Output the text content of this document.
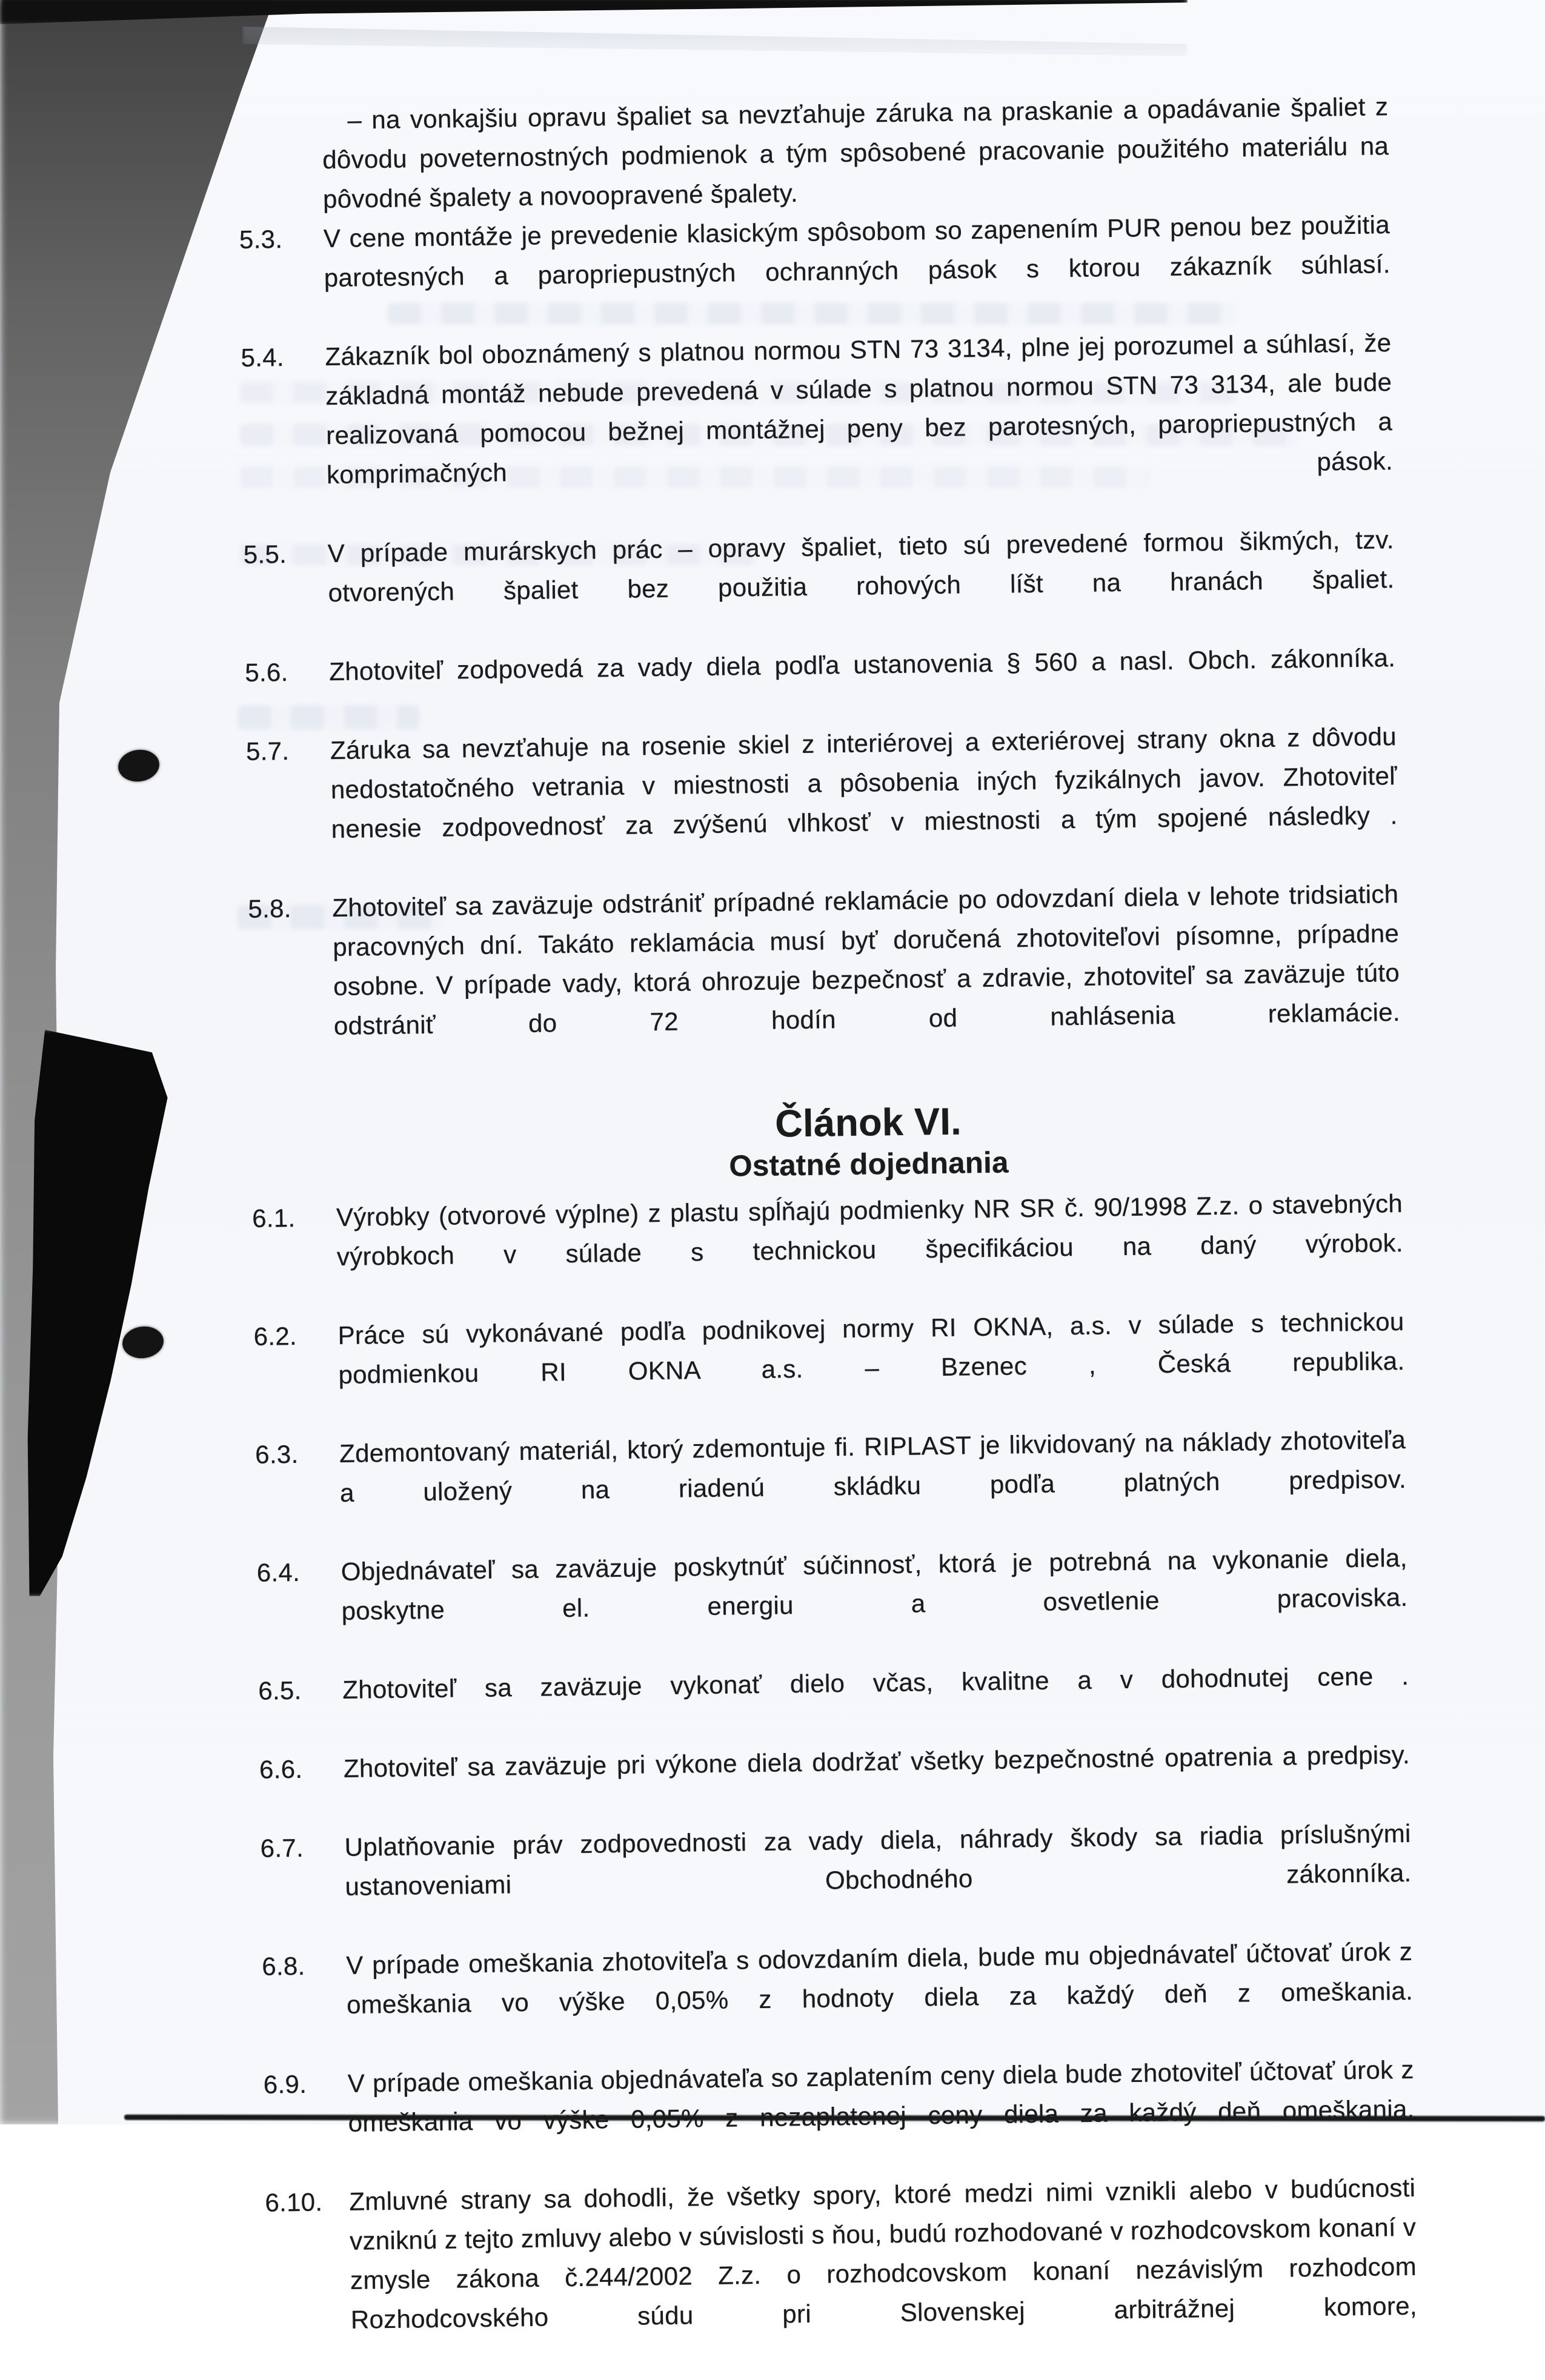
– na vonkajšiu opravu špaliet sa nevzťahuje záruka na praskanie a opadávanie špaliet z dôvodu poveternostných podmienok a tým spôsobené pracovanie použitého materiálu na pôvodné špalety a novoopravené špalety.

5.3. V cene montáže je prevedenie klasickým spôsobom so zapenením PUR penou bez použitia parotesných a paropriepustných ochranných pások s ktorou zákazník súhlasí.
5.4. Zákazník bol oboznámený s platnou normou STN 73 3134, plne jej porozumel a súhlasí, že základná montáž nebude prevedená v súlade s platnou normou STN 73 3134, ale bude realizovaná pomocou bežnej montážnej peny bez parotesných, paropriepustných a komprimačných pások.
5.5. V prípade murárskych prác – opravy špaliet, tieto sú prevedené formou šikmých, tzv. otvorených špaliet bez použitia rohových líšt na hranách špaliet.
5.6. Zhotoviteľ zodpovedá za vady diela podľa ustanovenia § 560 a nasl. Obch. zákonníka.
5.7. Záruka sa nevzťahuje na rosenie skiel z interiérovej a exteriérovej strany okna z dôvodu nedostatočného vetrania v miestnosti a pôsobenia iných fyzikálnych javov. Zhotoviteľ nenesie zodpovednosť za zvýšenú vlhkosť v miestnosti a tým spojené následky .
5.8. Zhotoviteľ sa zaväzuje odstrániť prípadné reklamácie po odovzdaní diela v lehote tridsiatich pracovných dní. Takáto reklamácia musí byť doručená zhotoviteľovi písomne, prípadne osobne. V prípade vady, ktorá ohrozuje bezpečnosť a zdravie, zhotoviteľ sa zaväzuje túto odstrániť do 72 hodín od nahlásenia reklamácie.
Článok VI.
Ostatné dojednania
6.1. Výrobky (otvorové výplne) z plastu spĺňajú podmienky NR SR č. 90/1998 Z.z. o stavebných výrobkoch v súlade s technickou špecifikáciou na daný výrobok.
6.2. Práce sú vykonávané podľa podnikovej normy RI OKNA, a.s. v súlade s technickou podmienkou RI OKNA a.s. – Bzenec , Česká republika.
6.3. Zdemontovaný materiál, ktorý zdemontuje fi. RIPLAST je likvidovaný na náklady zhotoviteľa a uložený na riadenú skládku podľa platných predpisov.
6.4. Objednávateľ sa zaväzuje poskytnúť súčinnosť, ktorá je potrebná na vykonanie diela, poskytne el. energiu a osvetlenie pracoviska.
6.5. Zhotoviteľ sa zaväzuje vykonať dielo včas, kvalitne a v dohodnutej cene .
6.6. Zhotoviteľ sa zaväzuje pri výkone diela dodržať všetky bezpečnostné opatrenia a predpisy.
6.7. Uplatňovanie práv zodpovednosti za vady diela, náhrady škody sa riadia príslušnými ustanoveniami Obchodného zákonníka.
6.8. V prípade omeškania zhotoviteľa s odovzdaním diela, bude mu objednávateľ účtovať úrok z omeškania vo výške 0,05% z hodnoty diela za každý deň z omeškania.
6.9. V prípade omeškania objednávateľa so zaplatením ceny diela bude zhotoviteľ účtovať úrok z omeškania vo výške 0,05% z nezaplatenej ceny diela za každý deň omeškania.
6.10. Zmluvné strany sa dohodli, že všetky spory, ktoré medzi nimi vznikli alebo v budúcnosti vzniknú z tejto zmluvy alebo v súvislosti s ňou, budú rozhodované v rozhodcovskom konaní v zmysle zákona č.244/2002 Z.z. o rozhodcovskom konaní nezávislým rozhodcom Rozhodcovského súdu pri Slovenskej arbitrážnej komore,
